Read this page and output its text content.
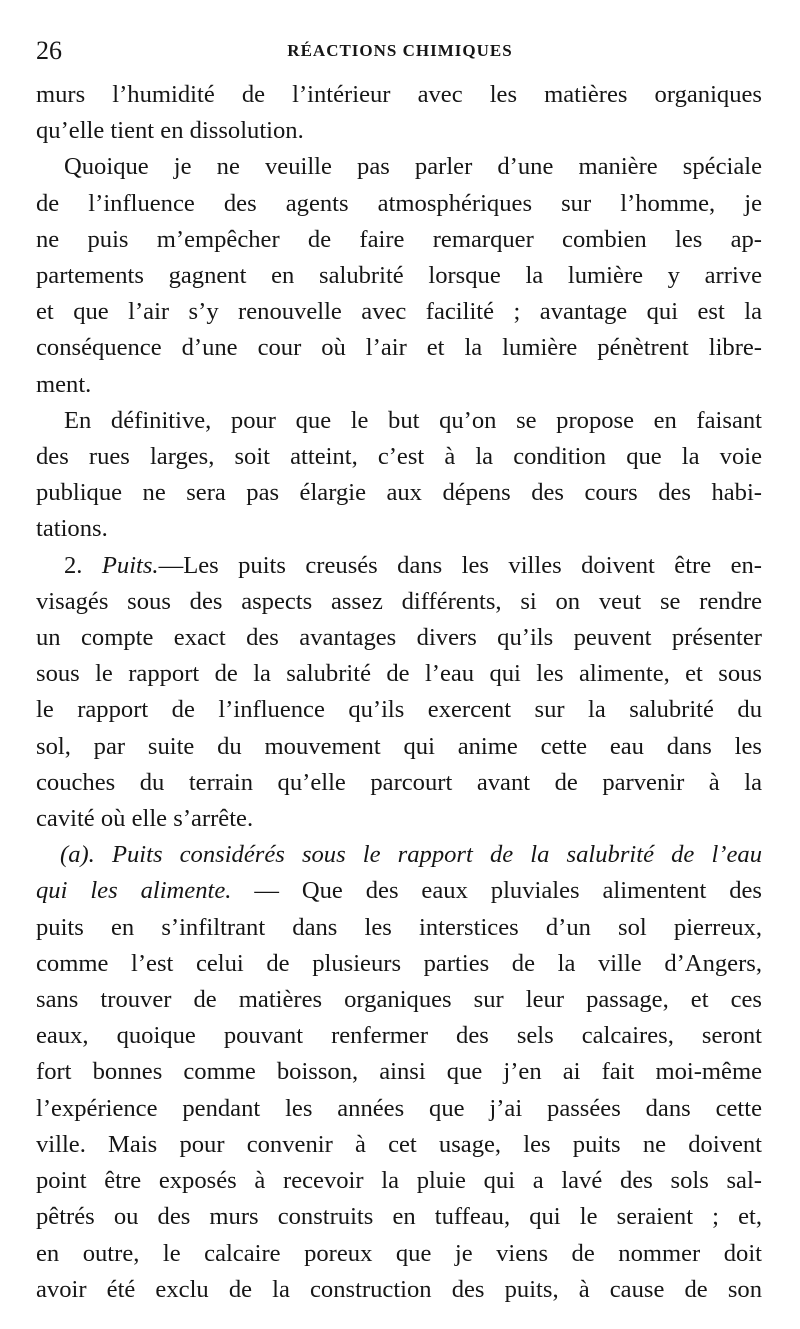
26	RÉACTIONS CHIMIQUES

murs l’humidité de l’intérieur avec les matières organiques
qu’elle tient en dissolution.

Quoique je ne veuille pas parler d’une manière spéciale
de l’influence des agents atmosphériques sur l’homme, je
ne puis m’empêcher de faire remarquer combien les ap-
partements gagnent en salubrité lorsque la lumière y arrive
et que l’air s’y renouvelle avec facilité ; avantage qui est la
conséquence d’une cour où l’air et la lumière pénètrent libre-
ment.

En définitive, pour que le but qu’on se propose en faisant
des rues larges, soit atteint, c’est à la condition que la voie
publique ne sera pas élargie aux dépens des cours des habi-
tations.

2. Puits.—Les puits creusés dans les villes doivent être en-
visagés sous des aspects assez différents, si on veut se rendre
un compte exact des avantages divers qu’ils peuvent présenter
sous le rapport de la salubrité de l’eau qui les alimente, et sous
le rapport de l’influence qu’ils exercent sur la salubrité du
sol, par suite du mouvement qui anime cette eau dans les
couches du terrain qu’elle parcourt avant de parvenir à la
cavité où elle s’arrête.

(a). Puits considérés sous le rapport de la salubrité de l’eau
qui les alimente. — Que des eaux pluviales alimentent des
puits en s’infiltrant dans les interstices d’un sol pierreux,
comme l’est celui de plusieurs parties de la ville d’Angers,
sans trouver de matières organiques sur leur passage, et ces
eaux, quoique pouvant renfermer des sels calcaires, seront
fort bonnes comme boisson, ainsi que j’en ai fait moi-même
l’expérience pendant les années que j’ai passées dans cette
ville. Mais pour convenir à cet usage, les puits ne doivent
point être exposés à recevoir la pluie qui a lavé des sols sal-
pêtrés ou des murs construits en tuffeau, qui le seraient ; et,
en outre, le calcaire poreux que je viens de nommer doit
avoir été exclu de la construction des puits, à cause de son
